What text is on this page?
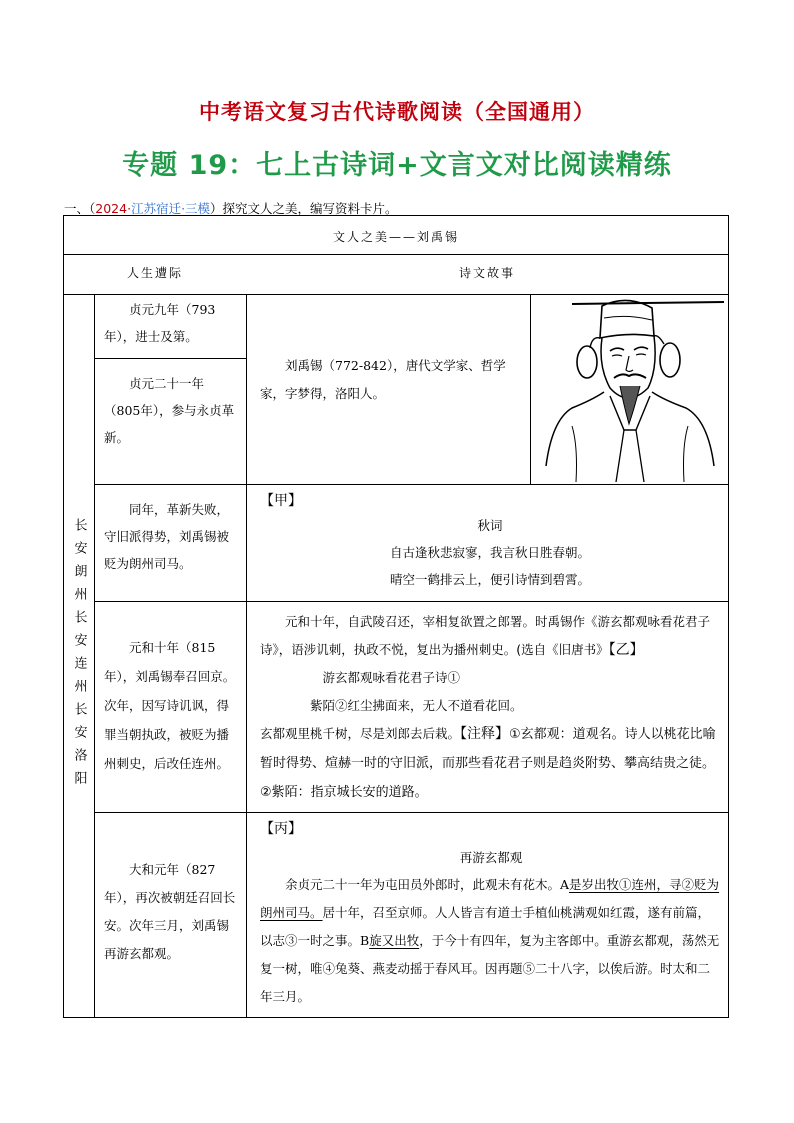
中考语文复习古代诗歌阅读（全国通用）
专题 19：七上古诗词+文言文对比阅读精练
一、（2024·江苏宿迁·三模）探究文人之美，编写资料卡片。
文人之美——刘禹锡
人生遭际	诗文故事
长安朗州长安连州长安洛阳
贞元九年（793年），进士及第。
贞元二十一年（805年），参与永贞革新。
同年，革新失败，守旧派得势，刘禹锡被贬为朗州司马。
元和十年（815年），刘禹锡奉召回京。次年，因写诗讥讽，得罪当朝执政，被贬为播州刺史，后改任连州。
大和元年（827年），再次被朝廷召回长安。次年三月，刘禹锡再游玄都观。
刘禹锡（772-842），唐代文学家、哲学家，字梦得，洛阳人。
【甲】
秋词
自古逢秋悲寂寥，我言秋日胜春朝。
晴空一鹤排云上，便引诗情到碧霄。
元和十年，自武陵召还，宰相复欲置之郎署。时禹锡作《游玄都观咏看花君子诗》，语涉讥刺，执政不悦，复出为播州刺史。(选自《旧唐书》【乙】
游玄都观咏看花君子诗①
紫陌②红尘拂面来，无人不道看花回。
玄都观里桃千树，尽是刘郎去后栽。【注释】①玄都观：道观名。诗人以桃花比喻暂时得势、煊赫一时的守旧派，而那些看花君子则是趋炎附势、攀高结贵之徒。②紫陌：指京城长安的道路。
【丙】
再游玄都观
余贞元二十一年为屯田员外郎时，此观未有花木。A是岁出牧①连州，寻②贬为朗州司马。居十年，召至京师。人人皆言有道士手植仙桃满观如红霞，遂有前篇，以志③一时之事。B旋又出牧，于今十有四年，复为主客郎中。重游玄都观，荡然无复一树，唯④兔葵、燕麦动摇于春风耳。因再题⑤二十八字，以俟后游。时太和二年三月。
